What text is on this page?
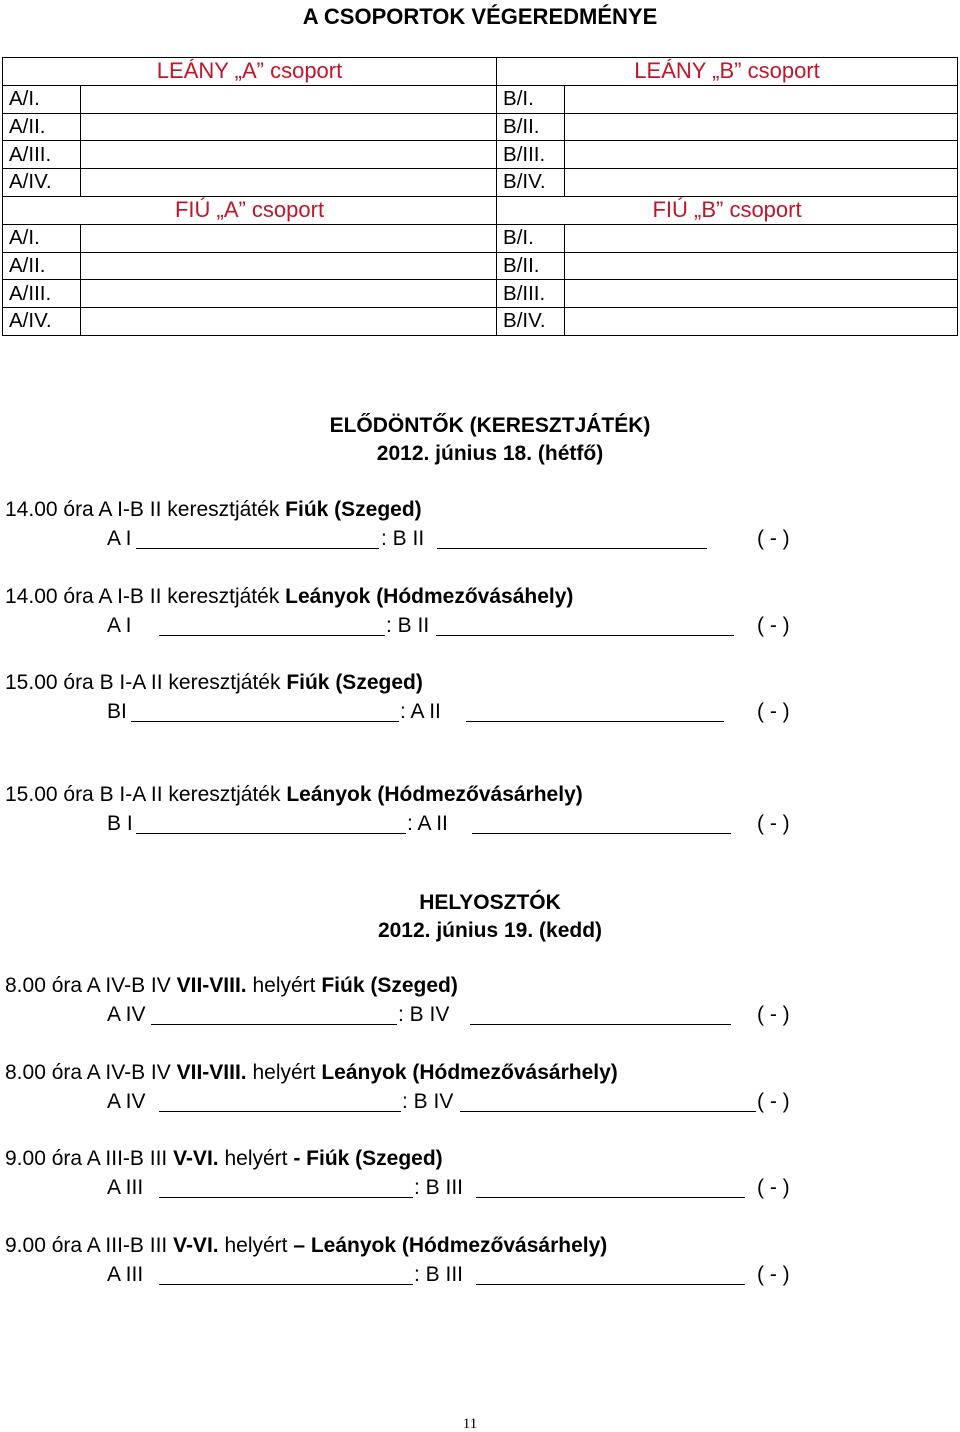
A CSOPORTOK VÉGEREDMÉNYE
LEÁNY „A” csoport		LEÁNY „B” csoport	
A/I.		B/I.	
A/II.		B/II.	
A/III.		B/III.	
A/IV.		B/IV.	
FIÚ „A” csoport		FIÚ „B” csoport	
A/I.		B/I.	
A/II.		B/II.	
A/III.		B/III.	
A/IV.		B/IV.	
ELŐDÖNTŐK (KERESZTJÁTÉK)
2012. június 18. (hétfő)
14.00 óra A I-B II keresztjáték Fiúk (Szeged)
A I	: B II	( - )
14.00 óra A I-B II keresztjáték Leányok (Hódmezővásáhely)
A I	: B II	( - )
15.00 óra B I-A II keresztjáték Fiúk (Szeged)
BI	: A II	( - )
15.00 óra B I-A II keresztjáték Leányok (Hódmezővásárhely)
B I	: A II	( - )
HELYOSZTÓK
2012. június 19. (kedd)
8.00 óra A IV-B IV VII-VIII. helyért Fiúk (Szeged)
A IV	: B IV	( - )
8.00 óra A IV-B IV VII-VIII. helyért Leányok (Hódmezővásárhely)
A IV	: B IV	( - )
9.00 óra A III-B III V-VI. helyért - Fiúk (Szeged)
A III	: B III	( - )
9.00 óra A III-B III V-VI. helyért – Leányok (Hódmezővásárhely)
A III	: B III	( - )
11
